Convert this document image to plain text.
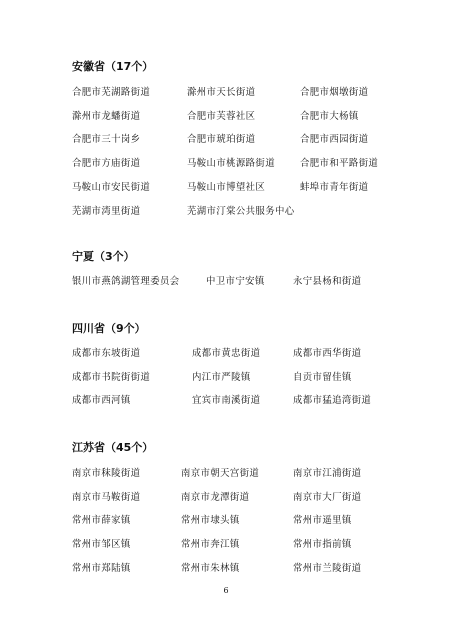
安徽省（17个）
合肥市芜湖路街道	滁州市天长街道	合肥市烟墩街道
滁州市龙蟠街道	合肥市芙蓉社区	合肥市大杨镇
合肥市三十岗乡	合肥市琥珀街道	合肥市西园街道
合肥市方庙街道	马鞍山市桃源路街道	合肥市和平路街道
马鞍山市安民街道	马鞍山市博望社区	蚌埠市青年街道
芜湖市湾里街道	芜湖市汀棠公共服务中心
宁夏（3个）
银川市燕鸽湖管理委员会	中卫市宁安镇	永宁县杨和街道
四川省（9个）
成都市东坡街道	成都市黄忠街道	成都市西华街道
成都市书院街街道	内江市严陵镇	自贡市留佳镇
成都市西河镇	宜宾市南溪街道	成都市猛追湾街道
江苏省（45个）
南京市秣陵街道	南京市朝天宫街道	南京市江浦街道
南京市马鞍街道	南京市龙潭街道	南京市大厂街道
常州市薛家镇	常州市埭头镇	常州市遥里镇
常州市邹区镇	常州市奔江镇	常州市指前镇
常州市郑陆镇	常州市朱林镇	常州市兰陵街道
6
